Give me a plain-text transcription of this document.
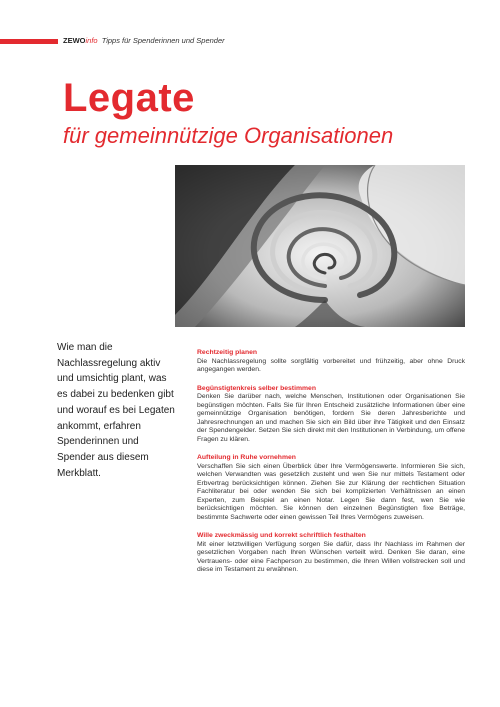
ZEWOinfo Tipps für Spenderinnen und Spender
Legate
für gemeinnützige Organisationen
Wie man die Nachlassregelung aktiv und umsichtig plant, was es dabei zu bedenken gibt und worauf es bei Legaten ankommt, erfahren Spenderinnen und Spender aus diesem Merkblatt.
Rechtzeitig planen
Die Nachlassregelung sollte sorgfältig vorbereitet und frühzeitig, aber ohne Druck angegangen werden.
Begünstigtenkreis selber bestimmen
Denken Sie darüber nach, welche Menschen, Institutionen oder Organisationen Sie begünstigen möchten. Falls Sie für Ihren Entscheid zusätzliche Informationen über eine gemeinnützige Organisation benötigen, fordern Sie deren Jahresberichte und Jahresrechnungen an und machen Sie sich ein Bild über ihre Tätigkeit und den Einsatz der Spendengelder. Setzen Sie sich direkt mit den Institutionen in Verbindung, um offene Fragen zu klären.
Aufteilung in Ruhe vornehmen
Verschaffen Sie sich einen Überblick über Ihre Vermögenswerte. Informieren Sie sich, welchen Verwandten was gesetzlich zusteht und wen Sie nur mittels Testament oder Erbvertrag berücksichtigen können. Ziehen Sie zur Klärung der rechtlichen Situation Fachliteratur bei oder wenden Sie sich bei komplizierten Verhältnissen an einen Experten, zum Beispiel an einen Notar. Legen Sie dann fest, wen Sie wie berücksichtigen möchten. Sie können den einzelnen Begünstigten fixe Beträge, bestimmte Sachwerte oder einen gewissen Teil Ihres Vermögens zuweisen.
Wille zweckmässig und korrekt schriftlich festhalten
Mit einer letztwilligen Verfügung sorgen Sie dafür, dass Ihr Nachlass im Rahmen der gesetzlichen Vorgaben nach Ihren Wünschen verteilt wird. Denken Sie daran, eine Vertrauens- oder eine Fachperson zu bestimmen, die Ihren Willen vollstrecken soll und diese im Testament zu erwähnen.
